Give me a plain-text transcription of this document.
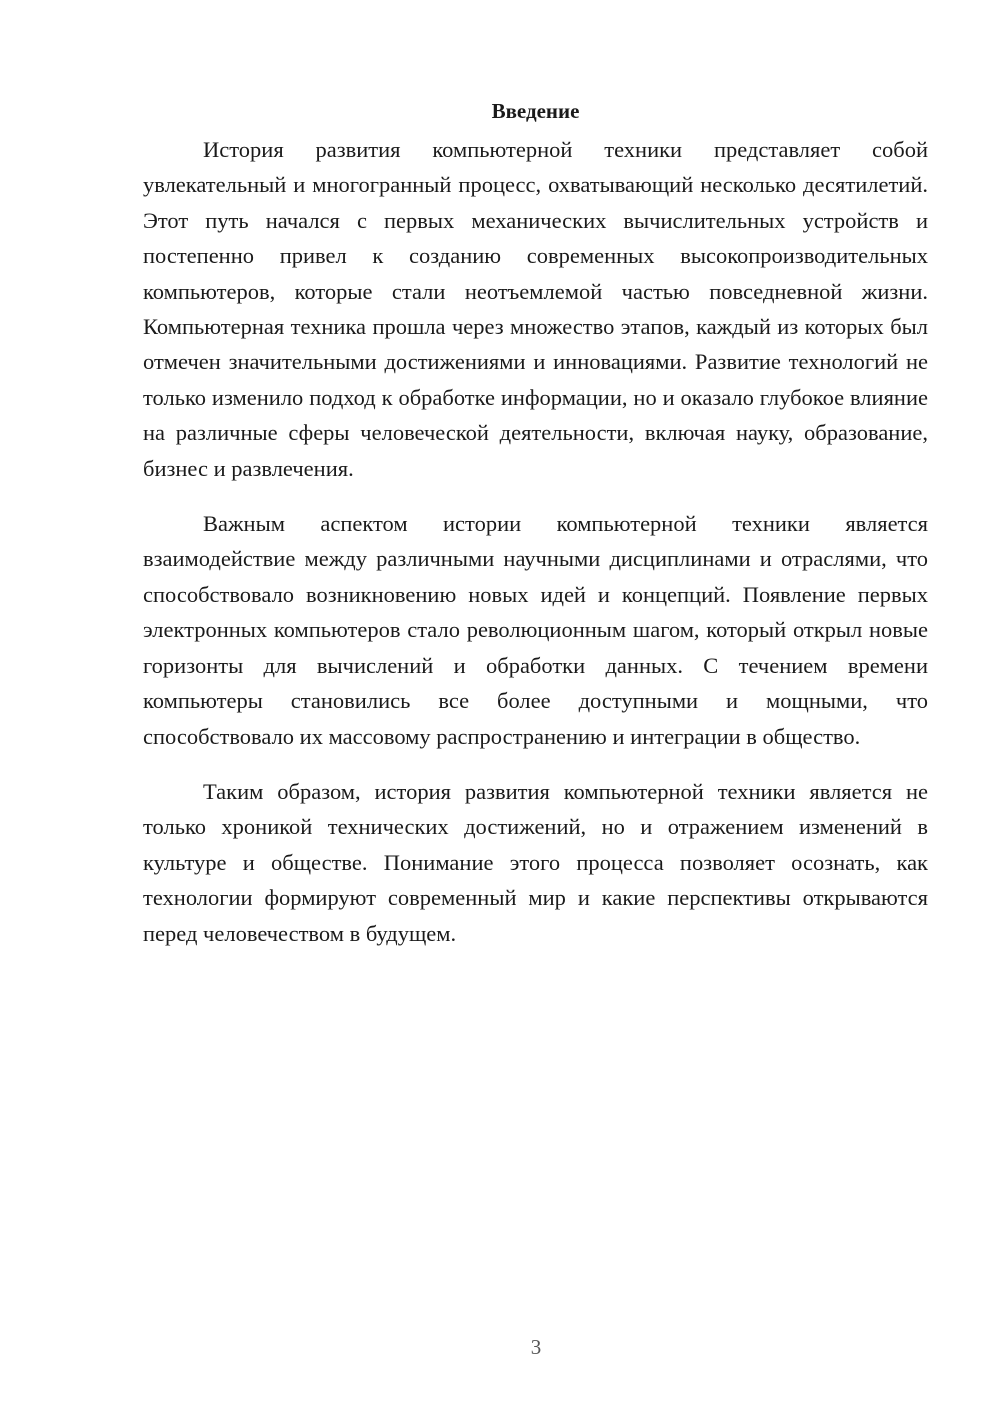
Введение

История развития компьютерной техники представляет собой увлекательный и многогранный процесс, охватывающий несколько десятилетий. Этот путь начался с первых механических вычислительных устройств и постепенно привел к созданию современных высокопроизводительных компьютеров, которые стали неотъемлемой частью повседневной жизни. Компьютерная техника прошла через множество этапов, каждый из которых был отмечен значительными достижениями и инновациями. Развитие технологий не только изменило подход к обработке информации, но и оказало глубокое влияние на различные сферы человеческой деятельности, включая науку, образование, бизнес и развлечения.

Важным аспектом истории компьютерной техники является взаимодействие между различными научными дисциплинами и отраслями, что способствовало возникновению новых идей и концепций. Появление первых электронных компьютеров стало революционным шагом, который открыл новые горизонты для вычислений и обработки данных. С течением времени компьютеры становились все более доступными и мощными, что способствовало их массовому распространению и интеграции в общество.

Таким образом, история развития компьютерной техники является не только хроникой технических достижений, но и отражением изменений в культуре и обществе. Понимание этого процесса позволяет осознать, как технологии формируют современный мир и какие перспективы открываются перед человечеством в будущем.

3
